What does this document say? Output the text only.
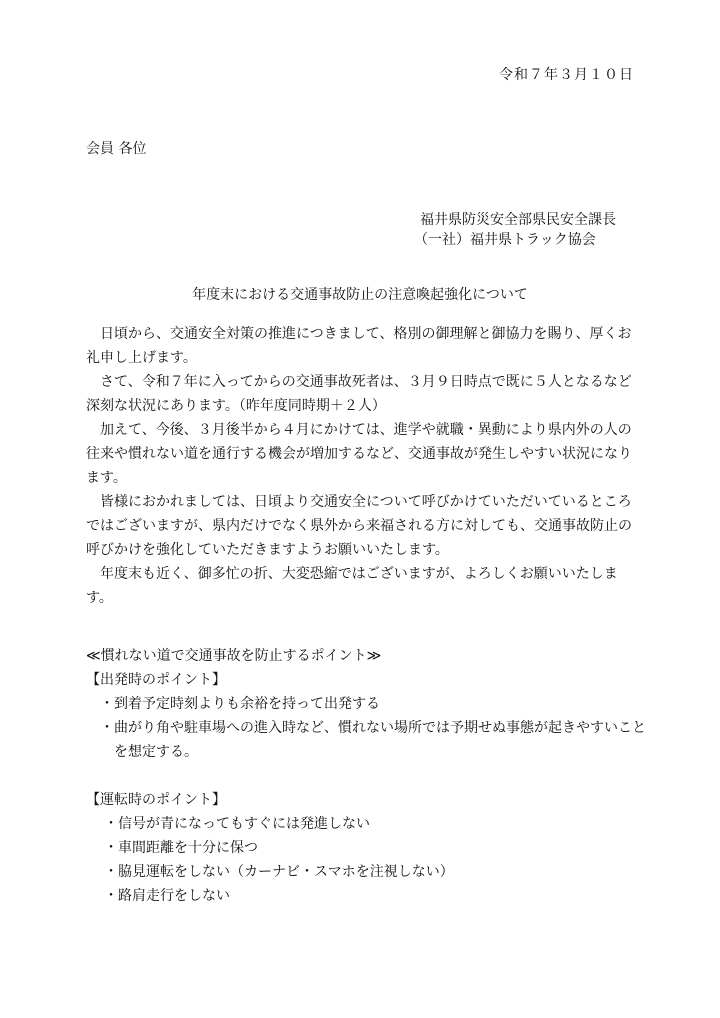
令和７年３月１０日
会員 各位
福井県防災安全部県民安全課長
（一社）福井県トラック協会
年度末における交通事故防止の注意喚起強化について

日頃から、交通安全対策の推進につきまして、格別の御理解と御協力を賜り、厚くお礼申し上げます。

さて、令和７年に入ってからの交通事故死者は、３月９日時点で既に５人となるなど深刻な状況にあります。（昨年度同時期＋２人）

加えて、今後、３月後半から４月にかけては、進学や就職・異動により県内外の人の往来や慣れない道を通行する機会が増加するなど、交通事故が発生しやすい状況になります。

皆様におかれましては、日頃より交通安全について呼びかけていただいているところではございますが、県内だけでなく県外から来福される方に対しても、交通事故防止の呼びかけを強化していただきますようお願いいたします。

年度末も近く、御多忙の折、大変恐縮ではございますが、よろしくお願いいたします。

≪慣れない道で交通事故を防止するポイント≫

【出発時のポイント】

・到着予定時刻よりも余裕を持って出発する
・曲がり角や駐車場への進入時など、慣れない場所では予期せぬ事態が起きやすいことを想定する。

【運転時のポイント】

・信号が青になってもすぐには発進しない
・車間距離を十分に保つ
・脇見運転をしない（カーナビ・スマホを注視しない）
・路肩走行をしない
